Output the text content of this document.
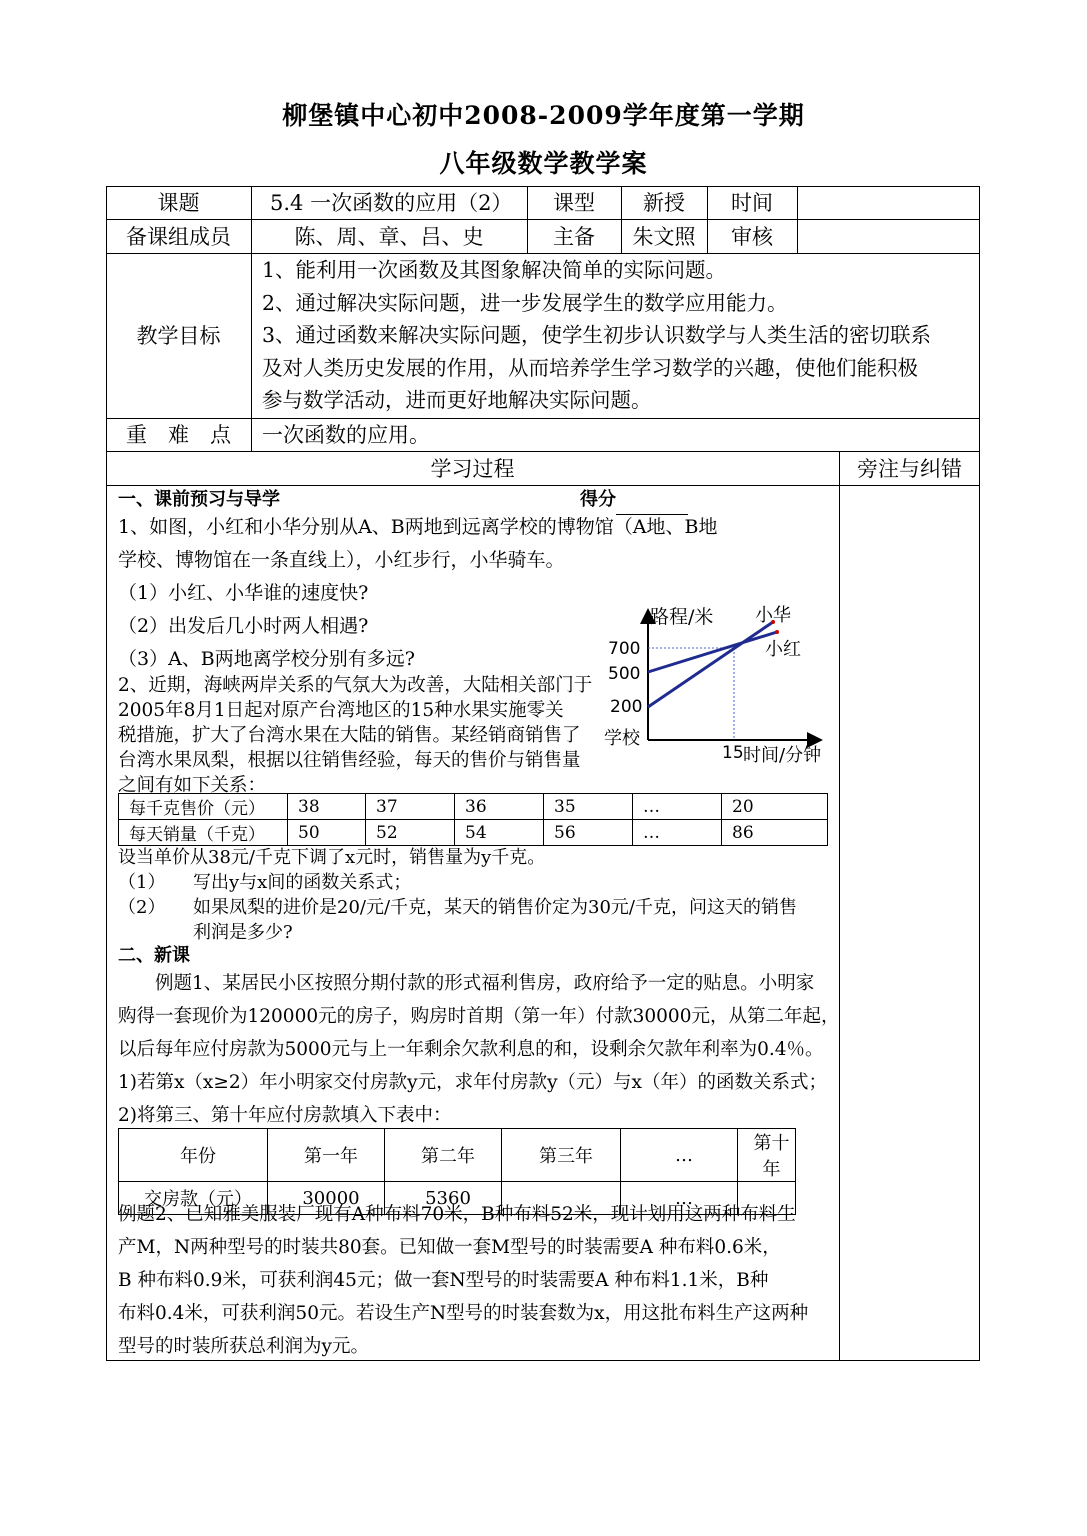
柳堡镇中心初中2008-2009学年度第一学期
八年级数学教学案
课题	5.4 一次函数的应用（2）	课型	新授	时间
备课组成员	陈、周、章、吕、史	主备	朱文照	审核
教学目标
1、能利用一次函数及其图象解决简单的实际问题。
2、通过解决实际问题，进一步发展学生的数学应用能力。
3、通过函数来解决实际问题，使学生初步认识数学与人类生活的密切联系
及对人类历史发展的作用，从而培养学生学习数学的兴趣，使他们能积极
参与数学活动，进而更好地解决实际问题。
重　难　点	一次函数的应用。
学习过程	旁注与纠错
一、课前预习与导学	得分
1、如图，小红和小华分别从A、B两地到远离学校的博物馆（A地、B地
学校、博物馆在一条直线上），小红步行，小华骑车。
（1）小红、小华谁的速度快?
（2）出发后几小时两人相遇?
（3）A、B两地离学校分别有多远?
2、近期，海峡两岸关系的气氛大为改善，大陆相关部门于
2005年8月1日起对原产台湾地区的15种水果实施零关
税措施，扩大了台湾水果在大陆的销售。某经销商销售了
台湾水果凤梨，根据以往销售经验，每天的售价与销售量
之间有如下关系：
路程/米
700
500
200
学校
15 时间/分钟
小华
小红
每千克售价（元）	38	37	36	35	…	20
每天销量（千克）	50	52	54	56	…	86
设当单价从38元/千克下调了x元时，销售量为y千克。
（1） 写出y与x间的函数关系式；
（2） 如果凤梨的进价是20/元/千克，某天的销售价定为30元/千克，问这天的销售
利润是多少?
二、新课
　　例题1、某居民小区按照分期付款的形式福利售房，政府给予一定的贴息。小明家
购得一套现价为120000元的房子，购房时首期（第一年）付款30000元，从第二年起，
以后每年应付房款为5000元与上一年剩余欠款利息的和，设剩余欠款年利率为0.4％。
1)若第x（x≥2）年小明家交付房款y元，求年付房款y（元）与x（年）的函数关系式；
2)将第三、第十年应付房款填入下表中：
年份	第一年	第二年	第三年	…	第十年
交房款（元）	30000	5360		…	
例题2、已知雅美服装厂现有A种布料70米，B种布料52米，现计划用这两种布料生
产M，N两种型号的时装共80套。已知做一套M型号的时装需要A 种布料0.6米，
B 种布料0.9米，可获利润45元；做一套N型号的时装需要A 种布料1.1米，B种
布料0.4米，可获利润50元。若设生产N型号的时装套数为x，用这批布料生产这两种
型号的时装所获总利润为y元。
